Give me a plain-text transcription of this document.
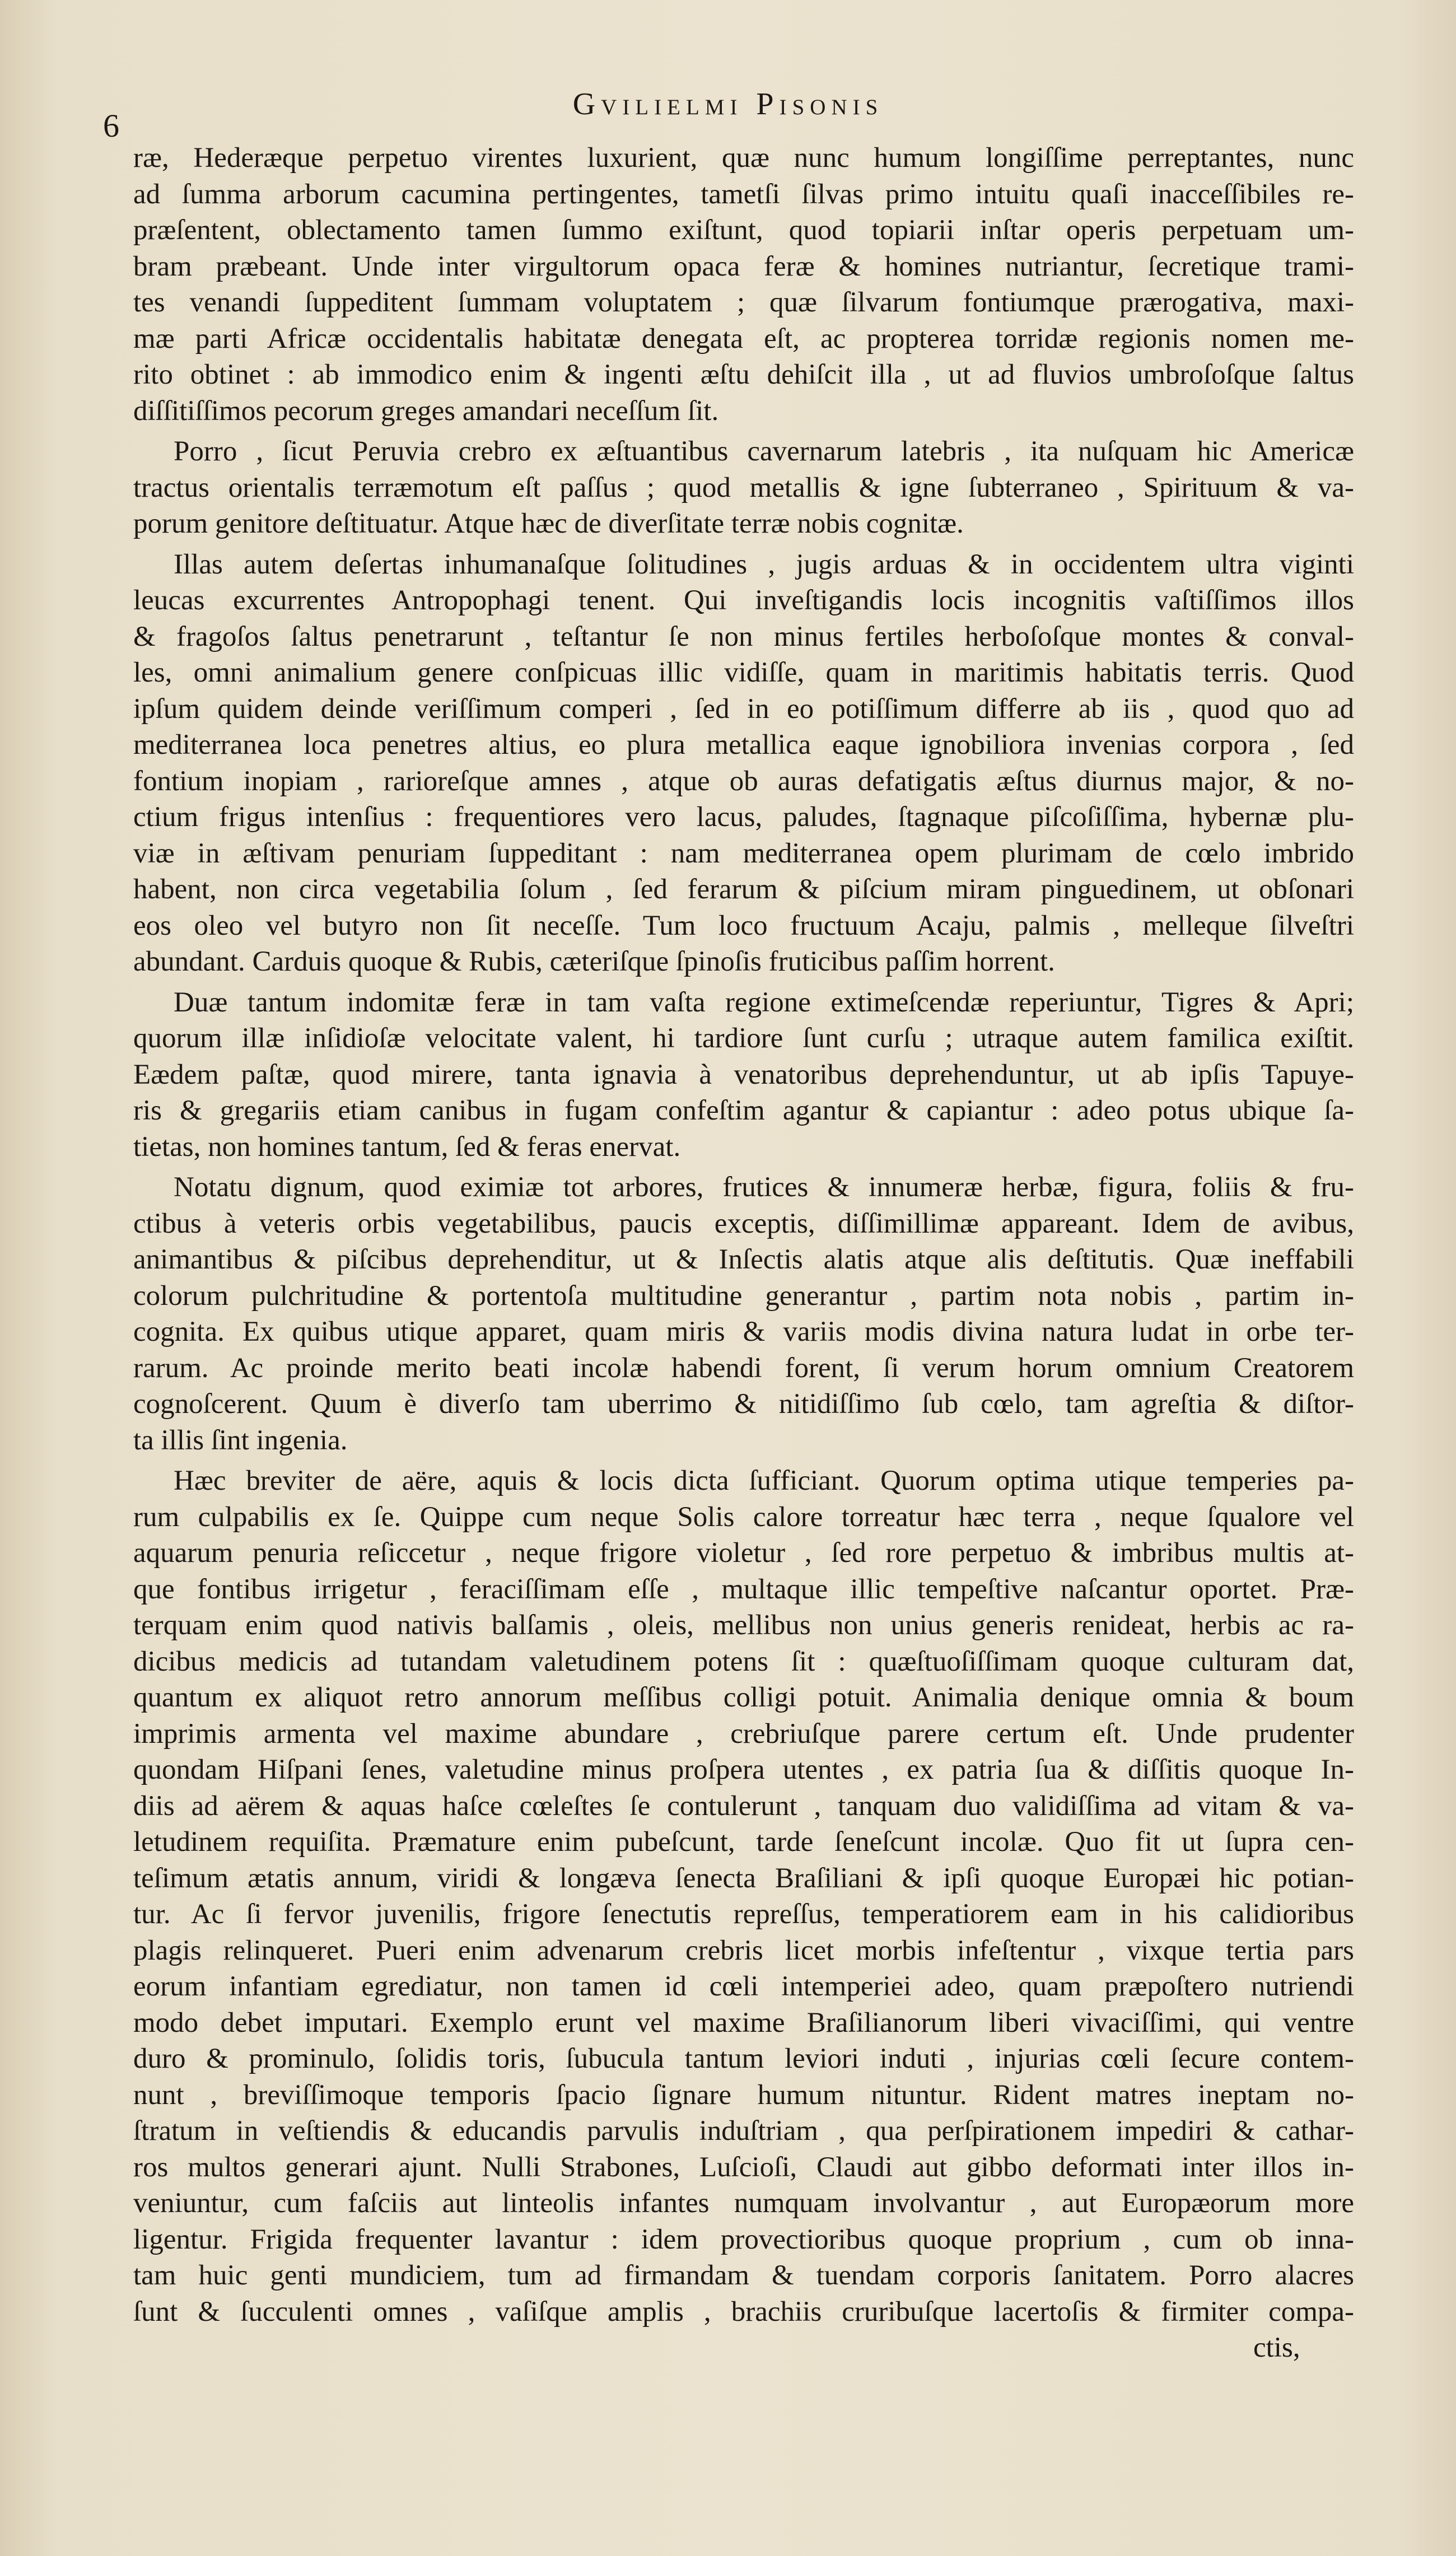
6
Gvilielmi Pisonis

ræ, Hederæque perpetuo virentes luxurient, quæ nunc humum longiſſime perreptantes, nunc
ad ſumma arborum cacumina pertingentes, tametſi ſilvas primo intuitu quaſi inacceſſibiles re-
præſentent, oblectamento tamen ſummo exiſtunt, quod topiarii inſtar operis perpetuam um-
bram præbeant. Unde inter virgultorum opaca feræ & homines nutriantur, ſecretique trami-
tes venandi ſuppeditent ſummam voluptatem ; quæ ſilvarum fontiumque prærogativa, maxi-
mæ parti Africæ occidentalis habitatæ denegata eſt, ac propterea torridæ regionis nomen me-
rito obtinet : ab immodico enim & ingenti æſtu dehiſcit illa , ut ad fluvios umbroſoſque ſaltus
diſſitiſſimos pecorum greges amandari neceſſum ſit.

Porro , ſicut Peruvia crebro ex æſtuantibus cavernarum latebris , ita nuſquam hic Americæ
tractus orientalis terræmotum eſt paſſus ; quod metallis & igne ſubterraneo , Spirituum & va-
porum genitore deſtituatur. Atque hæc de diverſitate terræ nobis cognitæ.

Illas autem deſertas inhumanaſque ſolitudines , jugis arduas & in occidentem ultra viginti
leucas excurrentes Antropophagi tenent. Qui inveſtigandis locis incognitis vaſtiſſimos illos
& fragoſos ſaltus penetrarunt , teſtantur ſe non minus fertiles herboſoſque montes & conval-
les, omni animalium genere conſpicuas illic vidiſſe, quam in maritimis habitatis terris. Quod
ipſum quidem deinde veriſſimum comperi , ſed in eo potiſſimum differre ab iis , quod quo ad
mediterranea loca penetres altius, eo plura metallica eaque ignobiliora invenias corpora , ſed
fontium inopiam , rarioreſque amnes , atque ob auras defatigatis æſtus diurnus major, & no-
ctium frigus intenſius : frequentiores vero lacus, paludes, ſtagnaque piſcoſiſſima, hybernæ plu-
viæ in æſtivam penuriam ſuppeditant : nam mediterranea opem plurimam de cœlo imbrido
habent, non circa vegetabilia ſolum , ſed ferarum & piſcium miram pinguedinem, ut obſonari
eos oleo vel butyro non ſit neceſſe. Tum loco fructuum Acaju, palmis , melleque ſilveſtri
abundant. Carduis quoque & Rubis, cæteriſque ſpinoſis fruticibus paſſim horrent.

Duæ tantum indomitæ feræ in tam vaſta regione extimeſcendæ reperiuntur, Tigres & Apri;
quorum illæ inſidioſæ velocitate valent, hi tardiore ſunt curſu ; utraque autem familica exiſtit.
Eædem paſtæ, quod mirere, tanta ignavia à venatoribus deprehenduntur, ut ab ipſis Tapuye-
ris & gregariis etiam canibus in fugam confeſtim agantur & capiantur : adeo potus ubique ſa-
tietas, non homines tantum, ſed & feras enervat.

Notatu dignum, quod eximiæ tot arbores, frutices & innumeræ herbæ, figura, foliis & fru-
ctibus à veteris orbis vegetabilibus, paucis exceptis, diſſimillimæ appareant. Idem de avibus,
animantibus & piſcibus deprehenditur, ut & Inſectis alatis atque alis deſtitutis. Quæ ineffabili
colorum pulchritudine & portentoſa multitudine generantur , partim nota nobis , partim in-
cognita. Ex quibus utique apparet, quam miris & variis modis divina natura ludat in orbe ter-
rarum. Ac proinde merito beati incolæ habendi forent, ſi verum horum omnium Creatorem
cognoſcerent. Quum è diverſo tam uberrimo & nitidiſſimo ſub cœlo, tam agreſtia & diſtor-
ta illis ſint ingenia.

Hæc breviter de aëre, aquis & locis dicta ſufficiant. Quorum optima utique temperies pa-
rum culpabilis ex ſe. Quippe cum neque Solis calore torreatur hæc terra , neque ſqualore vel
aquarum penuria reſiccetur , neque frigore violetur , ſed rore perpetuo & imbribus multis at-
que fontibus irrigetur , feraciſſimam eſſe , multaque illic tempeſtive naſcantur oportet. Præ-
terquam enim quod nativis balſamis , oleis, mellibus non unius generis renideat, herbis ac ra-
dicibus medicis ad tutandam valetudinem potens ſit : quæſtuoſiſſimam quoque culturam dat,
quantum ex aliquot retro annorum meſſibus colligi potuit. Animalia denique omnia & boum
imprimis armenta vel maxime abundare , crebriuſque parere certum eſt. Unde prudenter
quondam Hiſpani ſenes, valetudine minus proſpera utentes , ex patria ſua & diſſitis quoque In-
diis ad aërem & aquas haſce cœleſtes ſe contulerunt , tanquam duo validiſſima ad vitam & va-
letudinem requiſita. Præmature enim pubeſcunt, tarde ſeneſcunt incolæ. Quo fit ut ſupra cen-
teſimum ætatis annum, viridi & longæva ſenecta Braſiliani & ipſi quoque Europæi hic potian-
tur. Ac ſi fervor juvenilis, frigore ſenectutis repreſſus, temperatiorem eam in his calidioribus
plagis relinqueret. Pueri enim advenarum crebris licet morbis infeſtentur , vixque tertia pars
eorum infantiam egrediatur, non tamen id cœli intemperiei adeo, quam præpoſtero nutriendi
modo debet imputari. Exemplo erunt vel maxime Braſilianorum liberi vivaciſſimi, qui ventre
duro & prominulo, ſolidis toris, ſubucula tantum leviori induti , injurias cœli ſecure contem-
nunt , breviſſimoque temporis ſpacio ſignare humum nituntur. Rident matres ineptam no-
ſtratum in veſtiendis & educandis parvulis induſtriam , qua perſpirationem impediri & cathar-
ros multos generari ajunt. Nulli Strabones, Luſcioſi, Claudi aut gibbo deformati inter illos in-
veniuntur, cum faſciis aut linteolis infantes numquam involvantur , aut Europæorum more
ligentur. Frigida frequenter lavantur : idem provectioribus quoque proprium , cum ob inna-
tam huic genti mundiciem, tum ad firmandam & tuendam corporis ſanitatem. Porro alacres
ſunt & ſucculenti omnes , vaſiſque amplis , brachiis cruribuſque lacertoſis & firmiter compa-
ctis,
